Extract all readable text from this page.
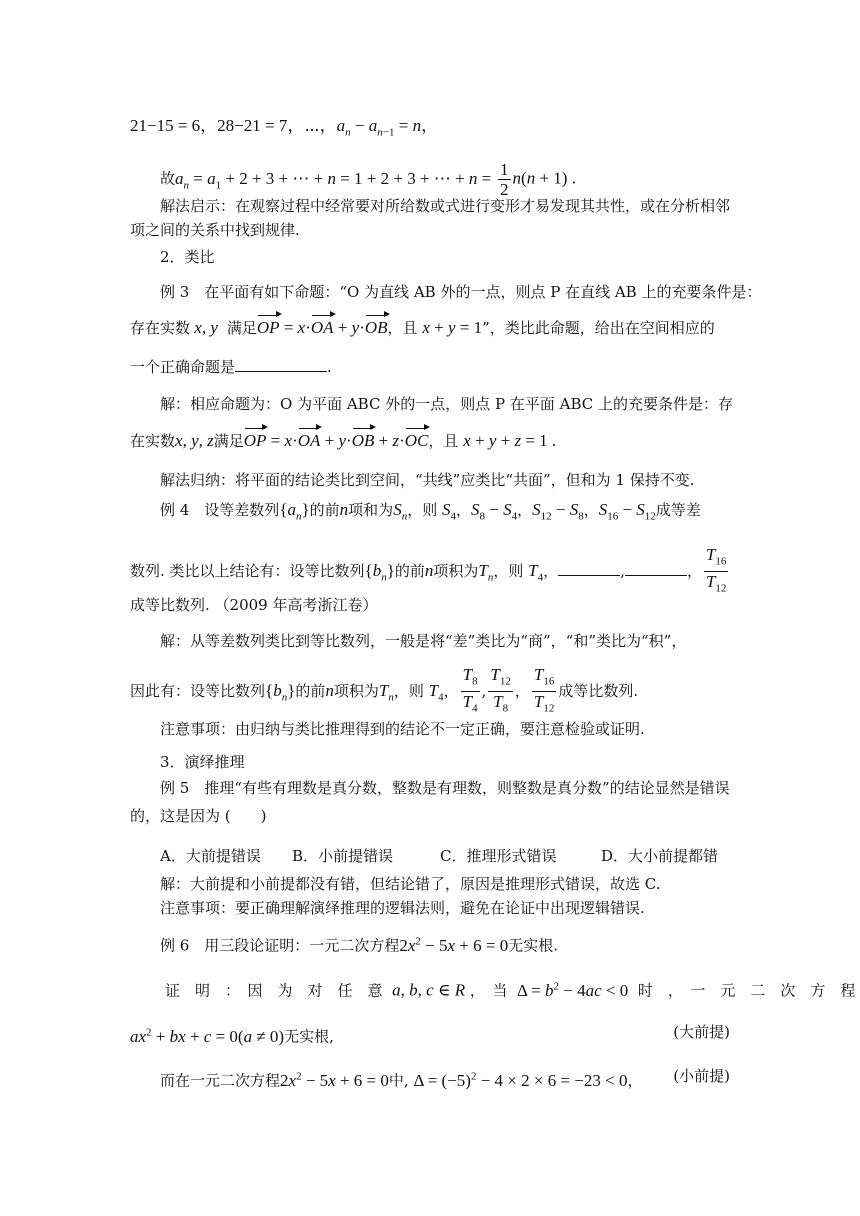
21−15 = 6，28−21 = 7，⋯，$a_n - a_{n-1} = n$，
故$a_n = a_1 + 2 + 3$ + ⋯ + n = 1 + 2 + 3 + ⋯ + $n = \frac{1}{2} n(n + 1)$ .
解法启示：在观察过程中经常要对所给数或式进行变形才易发现其共性，或在分析相邻
项之间的关系中找到规律.
2．类比
例 3　在平面有如下命题：“O 为直线 AB 外的一点，则点 P 在直线 AB 上的充要条件是：
存在实数 x, y 满足OP = x·OA + y·OB，且 x + y = 1”，类比此命题，给出在空间相应的
一个正确命题是	.
解：相应命题为：O 为平面 ABC 外的一点，则点 P 在平面 ABC 上的充要条件是：存
在实数x, y, z满足OP = x·OA + y·OB + z·OC，且 x + y + z = 1 .
解法归纳：将平面的结论类比到空间，“共线”应类比“共面”，但和为 1 保持不变.
例 4　设等差数列$\{a_n\}$的前n项和为$S_n$，则 $S_4$，$S_8 - S_4$，$S_{12} - S_8$，$S_{16} - S_{12}$成等差
数列. 类比以上结论有：设等比数列$\{b_n\}$的前n项积为$T_n$，则 $T_4$，	,	， $\frac{T_{16}}{T_{12}}$
成等比数列. （2009 年高考浙江卷）
解：从等差数列类比到等比数列，一般是将“差”类比为“商”，“和”类比为“积”，
因此有：设等比数列$\{b_n\}$的前n项积为$T_n$，则 $T_4$， $\frac{T_8}{T_4}$ , $\frac{T_{12}}{T_8}$ ， $\frac{T_{16}}{T_{12}}$ 成等比数列.
注意事项：由归纳与类比推理得到的结论不一定正确，要注意检验或证明.
3．演绎推理
例 5　推理“有些有理数是真分数，整数是有理数，则整数是真分数”的结论显然是错误
的，这是因为 (　　)
A．大前提错误 B．小前提错误	C．推理形式错误	D．大小前提都错
解：大前提和小前提都没有错，但结论错了，原因是推理形式错误，故选 C.
注意事项：要正确理解演绎推理的逻辑法则，避免在论证中出现逻辑错误.
例 6　用三段论证明：一元二次方程$2x^2 - 5x + 6 = 0$无实根.
证　明　：　因　为　对　任　意 a, b, c ∈ R ，　当 $\Delta = b^2 - 4ac < 0$ 时　，　一　元　二　次　方　程
$ax^2$ + bx + c = 0(a ≠ 0)无实根,	(大前提)
而在一元二次方程$2x^2 - 5x + 6 = 0$中, $\Delta = (-5)^2 - 4 \times 2 \times 6 = -23 < 0$， (小前提)
